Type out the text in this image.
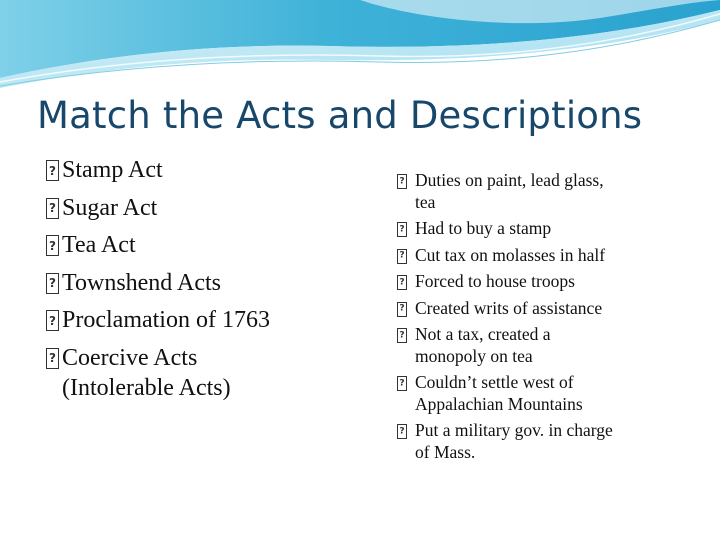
Match the Acts and Descriptions
?
Stamp Act
?
Sugar Act
?
Tea Act
?
Townshend Acts
?
Proclamation of 1763
?
Coercive Acts (Intolerable Acts)
?
Duties on paint, lead glass, tea
?
Had to buy a stamp
?
Cut tax on molasses in half
?
Forced to house troops
?
Created writs of assistance
?
Not a tax, created a monopoly on tea
?
Couldn’t settle west of Appalachian Mountains
?
Put a military gov. in charge of Mass.
